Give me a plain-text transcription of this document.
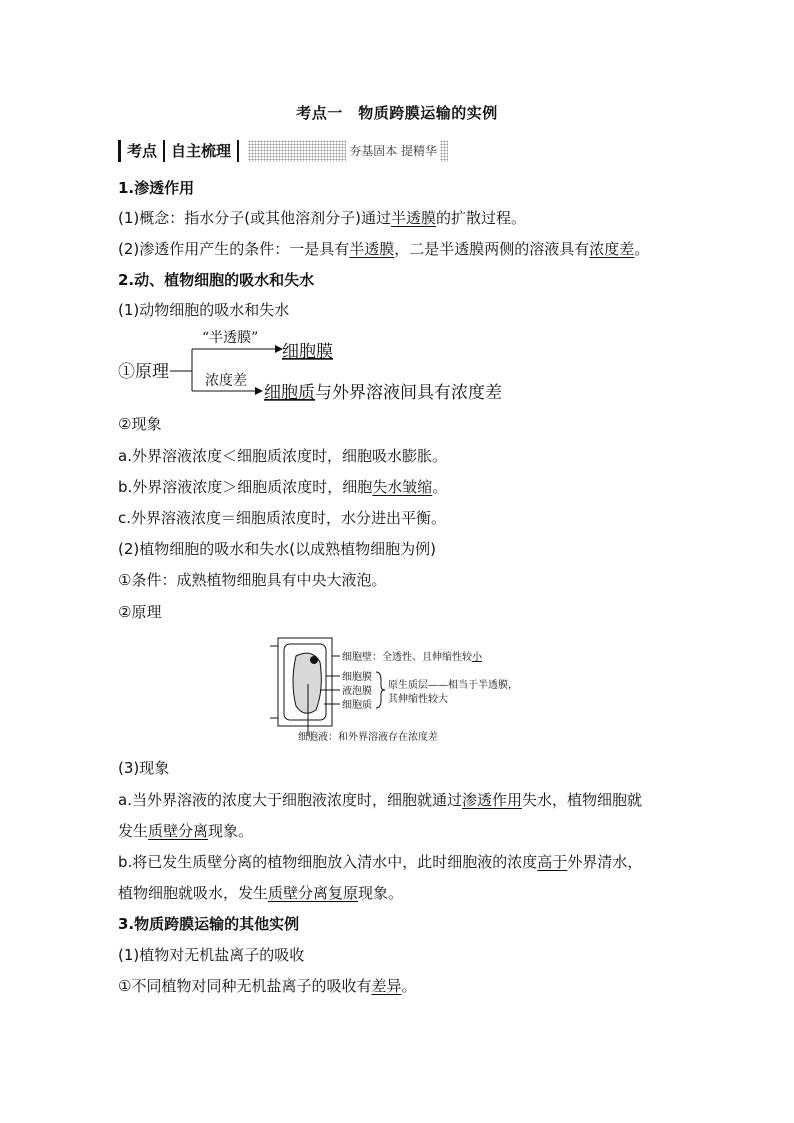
考点一　物质跨膜运输的实例
考点 自主梳理	夯基固本 提精华
1.渗透作用
(1)概念：指水分子(或其他溶剂分子)通过半透膜的扩散过程。
(2)渗透作用产生的条件：一是具有半透膜，二是半透膜两侧的溶液具有浓度差。
2.动、植物细胞的吸水和失水
(1)动物细胞的吸水和失水
①原理
“半透膜”
细胞膜
浓度差
细胞质 与外界溶液间具有浓度差
②现象
a.外界溶液浓度＜细胞质浓度时，细胞吸水膨胀。
b.外界溶液浓度＞细胞质浓度时，细胞失水皱缩。
c.外界溶液浓度＝细胞质浓度时，水分进出平衡。
(2)植物细胞的吸水和失水(以成熟植物细胞为例)
①条件：成熟植物细胞具有中央大液泡。
②原理
细胞壁：全透性、且伸缩性较小
细胞膜
液泡膜
细胞质
原生质层——相当于半透膜，
其伸缩性较大
细胞液：和外界溶液存在浓度差
(3)现象
a.当外界溶液的浓度大于细胞液浓度时，细胞就通过渗透作用失水，植物细胞就
发生质壁分离现象。
b.将已发生质壁分离的植物细胞放入清水中，此时细胞液的浓度高于外界清水，
植物细胞就吸水，发生质壁分离复原现象。
3.物质跨膜运输的其他实例
(1)植物对无机盐离子的吸收
①不同植物对同种无机盐离子的吸收有差异。
